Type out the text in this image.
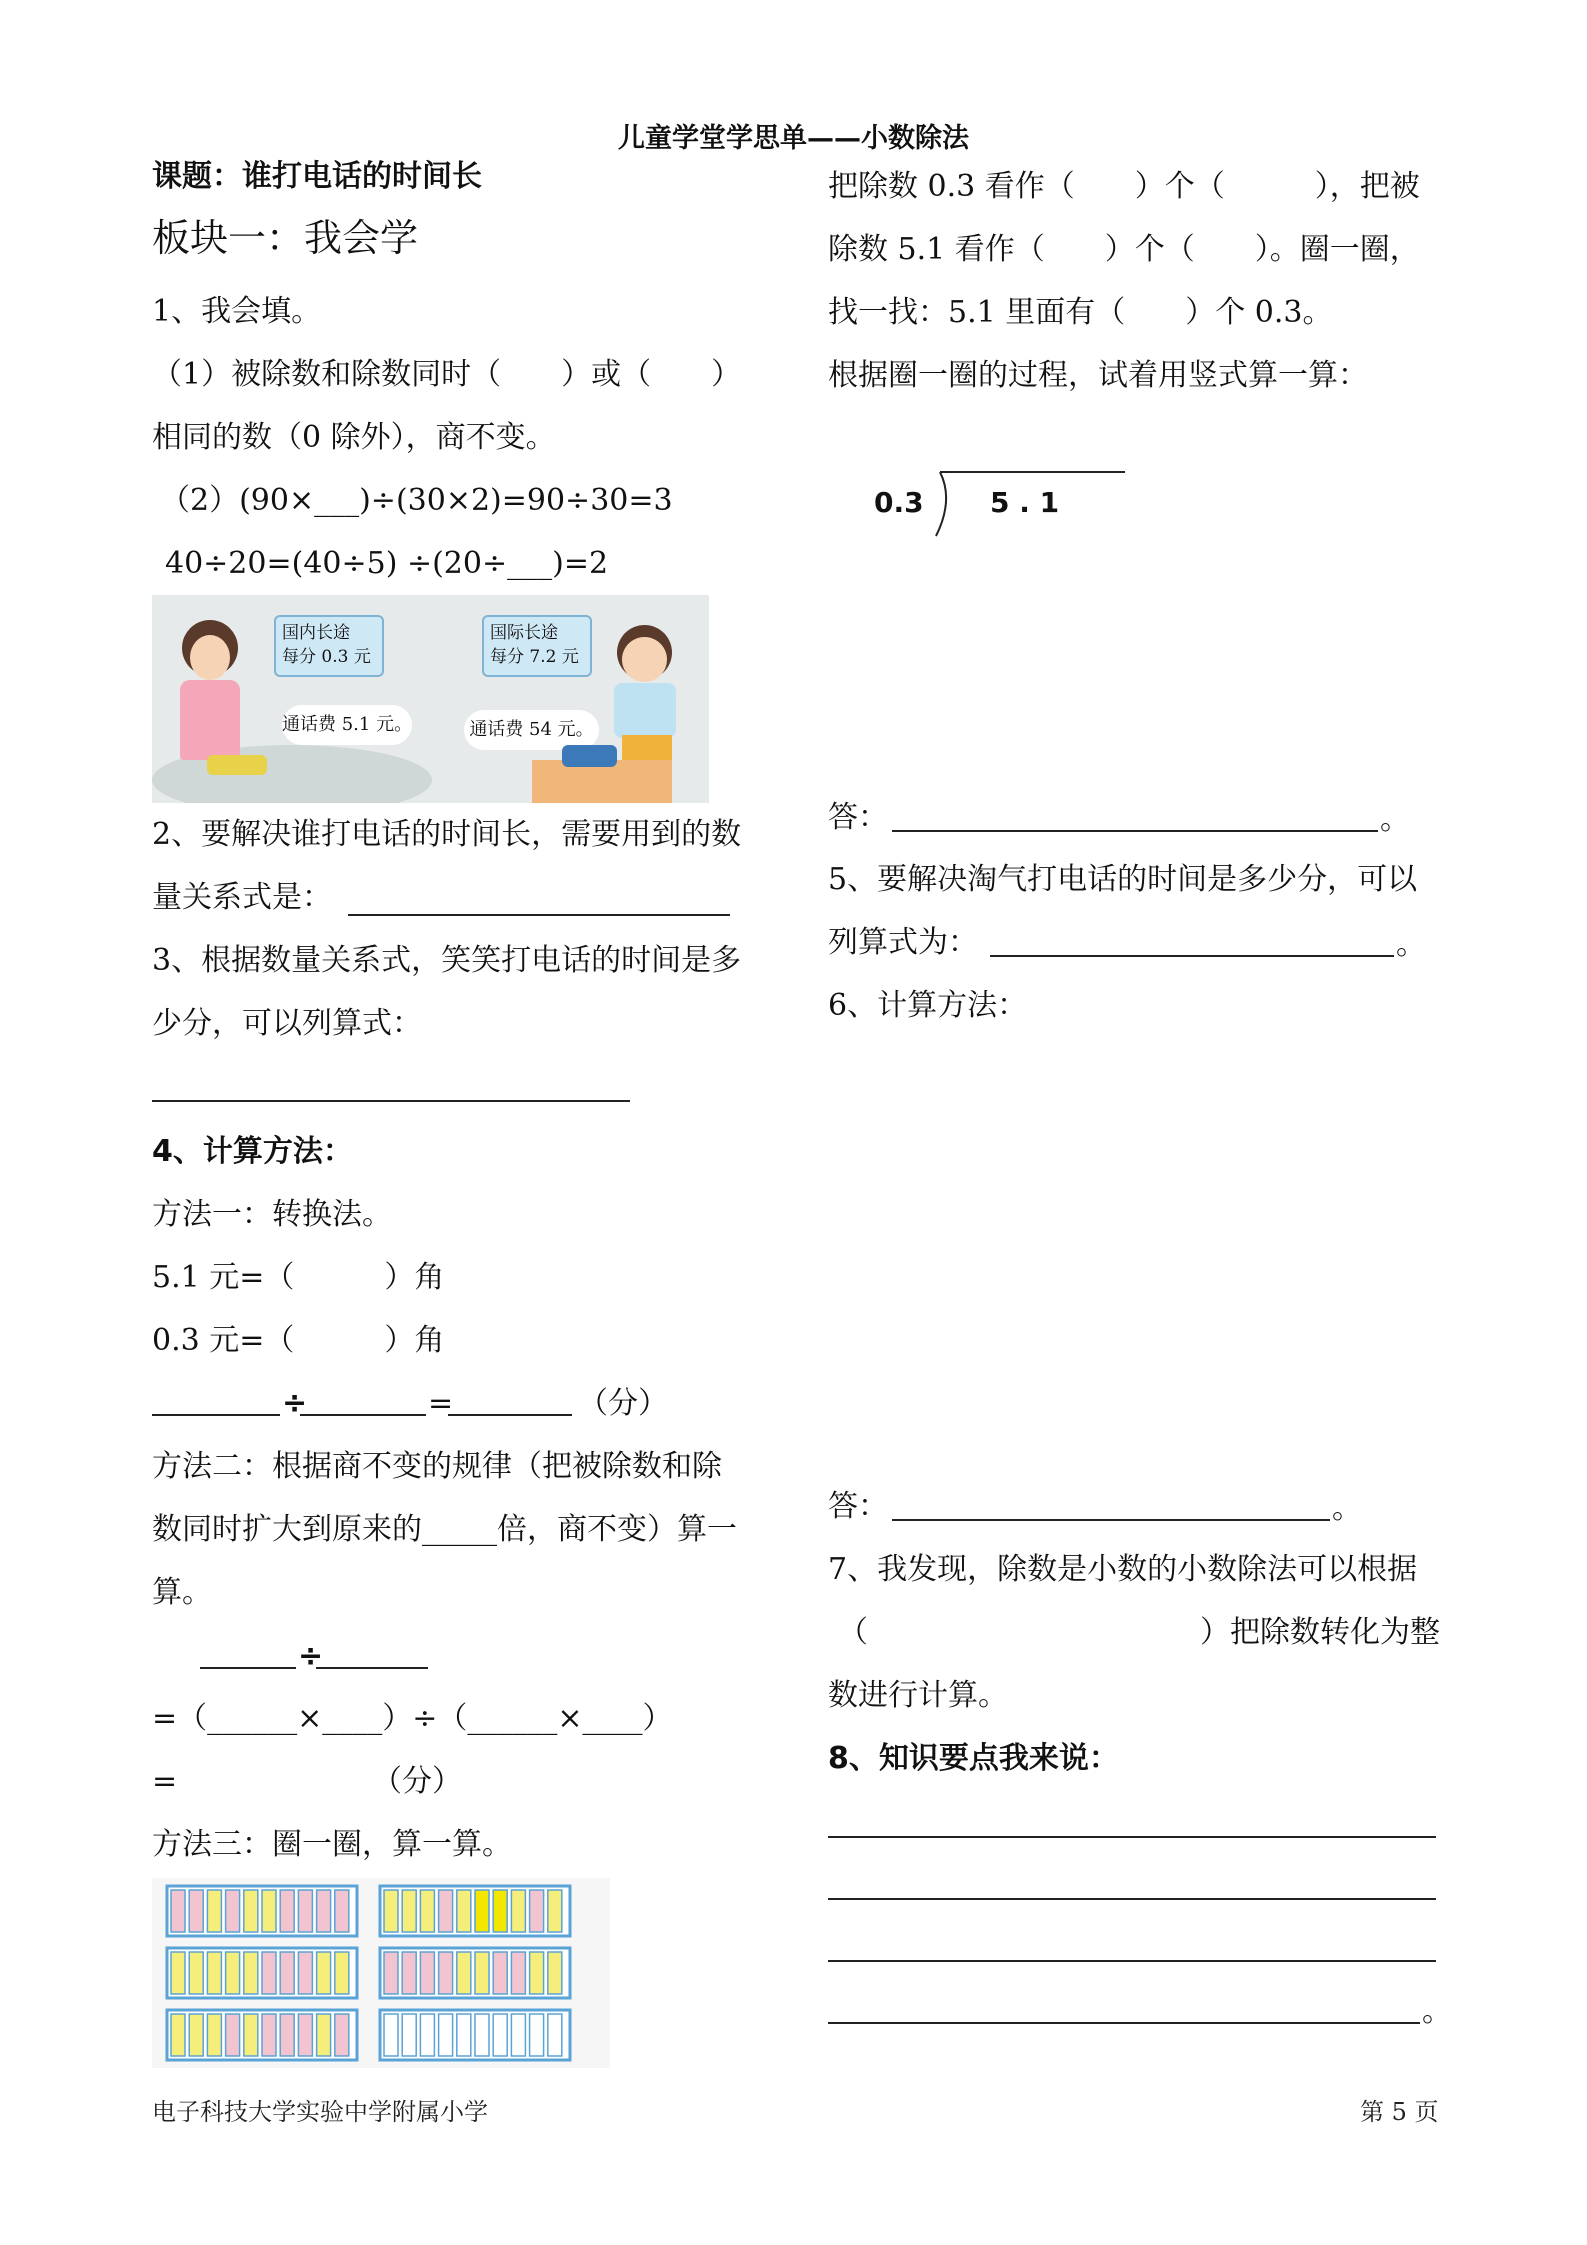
儿童学堂学思单——小数除法
课题：谁打电话的时间长
板块一：我会学
1、我会填。
（1）被除数和除数同时（　　）或（　　）
相同的数（0 除外），商不变。
（2）(90×___)÷(30×2)=90÷30=3
40÷20=(40÷5) ÷(20÷___)=2
国内长途
每分 0.3 元
通话费 5.1 元。
国际长途
每分 7.2 元
通话费 54 元。
2、要解决谁打电话的时间长，需要用到的数
量关系式是：
3、根据数量关系式，笑笑打电话的时间是多
少分，可以列算式：
4、计算方法：
方法一：转换法。
5.1 元=（　　　）角
0.3 元=（　　　）角
÷	=	（分）
方法二：根据商不变的规律（把被除数和除
数同时扩大到原来的_____倍，商不变）算一
算。
÷
=（______×____）÷（______×____）
=	（分）
方法三：圈一圈，算一算。
把除数 0.3 看作（　　）个（　　　），把被
除数 5.1 看作（　　）个（　　）。圈一圈，
找一找：5.1 里面有（　　）个 0.3。
根据圈一圈的过程，试着用竖式算一算：
0.3 5 . 1
答：	。
5、要解决淘气打电话的时间是多少分，可以
列算式为：	。
6、计算方法：
答：	。
7、我发现，除数是小数的小数除法可以根据
（	）把除数转化为整
数进行计算。
8、知识要点我来说：
。
电子科技大学实验中学附属小学	第 5 页
